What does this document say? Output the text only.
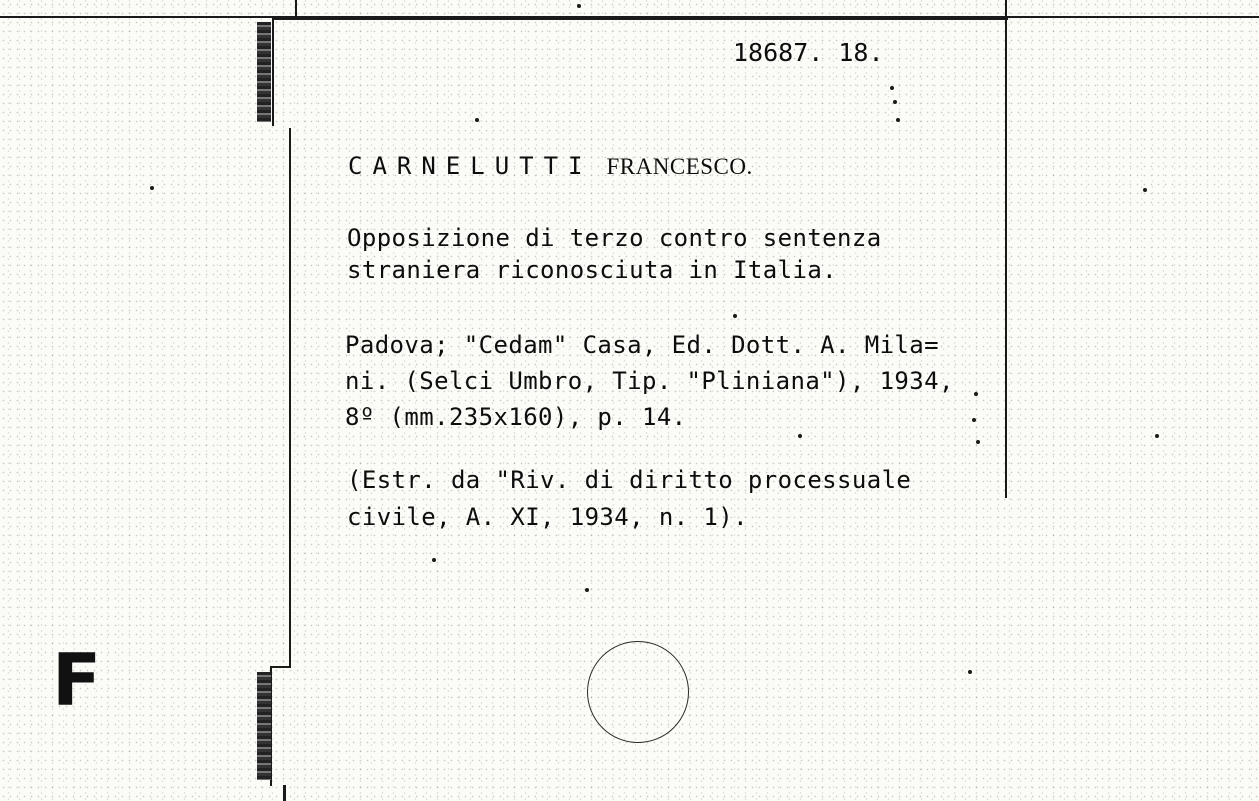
18687. 18.
CARNELUTTI FRANCESCO.
Opposizione di terzo contro sentenza
straniera riconosciuta in Italia.
Padova; "Cedam" Casa, Ed. Dott. A. Mila=
ni. (Selci Umbro, Tip. "Pliniana"), 1934,
8º (mm.235x160), p. 14.
(Estr. da "Riv. di diritto processuale
civile, A. XI, 1934, n. 1).
F
